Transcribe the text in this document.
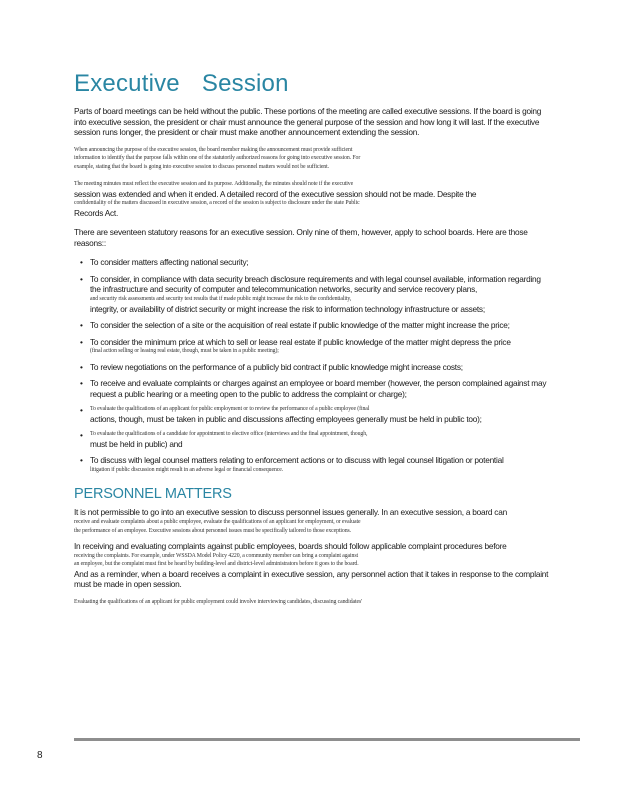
Executive Session

Parts of board meetings can be held without the public. These portions of the meeting are called executive sessions. If the board is going into executive session, the president or chair must announce the general purpose of the session and how long it will last. If the executive session runs longer, the president or chair must make another announcement extending the session.

When announcing the purpose of the executive session, the board member making the announcement must provide sufficient

information to identify that the purpose falls within one of the statutorily authorized reasons for going into executive session. For

example, stating that the board is going into executive session to discuss personnel matters would not be sufficient.

The meeting minutes must reflect the executive session and its purpose. Additionally, the minutes should note if the executive

session was extended and when it ended. A detailed record of the executive session should not be made. Despite the

confidentiality of the matters discussed in executive session, a record of the session is subject to disclosure under the state Public

Records Act.

There are seventeen statutory reasons for an executive session. Only nine of them, however, apply to school boards. Here are those reasons::

• To consider matters affecting national security;

• To consider, in compliance with data security breach disclosure requirements and with legal counsel available, information regarding the infrastructure and security of computer and telecommunication networks, security and service recovery plans,

and security risk assessments and security test results that if made public might increase the risk to the confidentiality,

integrity, or availability of district security or might increase the risk to information technology infrastructure or assets;

• To consider the selection of a site or the acquisition of real estate if public knowledge of the matter might increase the price;

• To consider the minimum price at which to sell or lease real estate if public knowledge of the matter might depress the price

(final action selling or leasing real estate, though, must be taken in a public meeting);

• To review negotiations on the performance of a publicly bid contract if public knowledge might increase costs;

• To receive and evaluate complaints or charges against an employee or board member (however, the person complained against may request a public hearing or a meeting open to the public to address the complaint or charge);

• To evaluate the qualifications of an applicant for public employment or to review the performance of a public employee (final

actions, though, must be taken in public and discussions affecting employees generally must be held in public too);

• To evaluate the qualifications of a candidate for appointment to elective office (interviews and the final appointment, though,

must be held in public) and

• To discuss with legal counsel matters relating to enforcement actions or to discuss with legal counsel litigation or potential

litigation if public discussion might result in an adverse legal or financial consequence.

PERSONNEL MATTERS

It is not permissible to go into an executive session to discuss personnel issues generally. In an executive session, a board can

receive and evaluate complaints about a public employee, evaluate the qualifications of an applicant for employment, or evaluate

the performance of an employee. Executive sessions about personnel issues must be specifically tailored to those exceptions.

In receiving and evaluating complaints against public employees, boards should follow applicable complaint procedures before

receiving the complaints. For example, under WSSDA Model Policy 4220, a community member can bring a complaint against

an employee, but the complaint must first be heard by building-level and district-level administrators before it goes to the board.

And as a reminder, when a board receives a complaint in executive session, any personnel action that it takes in response to the complaint must be made in open session.

Evaluating the qualifications of an applicant for public employment could involve interviewing candidates, discussing candidates'

8
